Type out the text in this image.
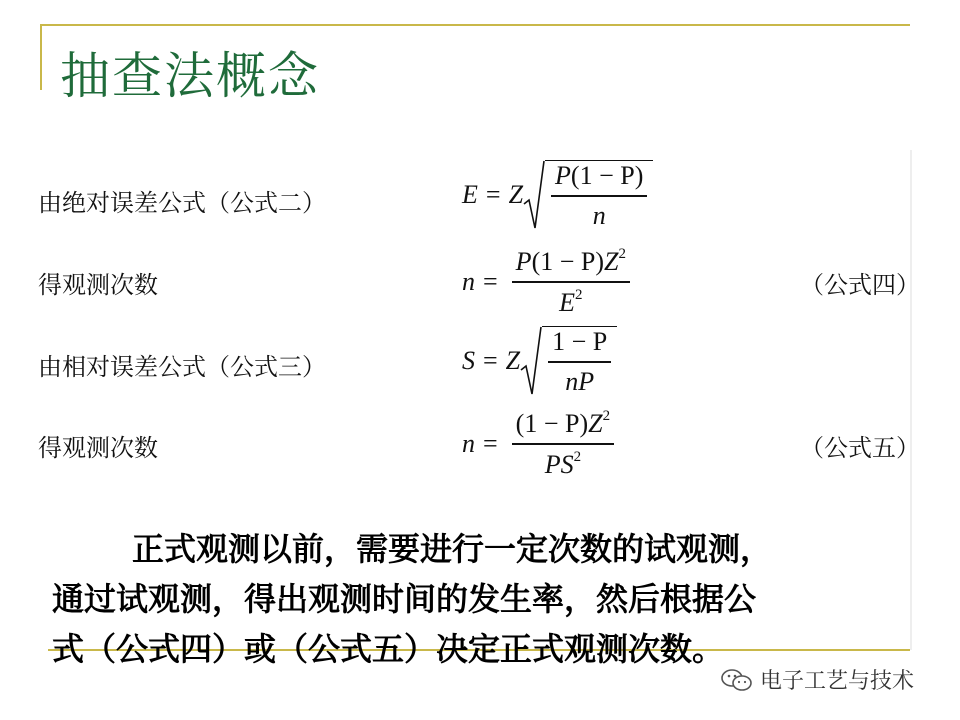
抽查法概念
由绝对误差公式（公式二）	E = Z $\frac{P(1 - P)}{n}$
得观测次数	$n = \frac{P(1 - P)Z^2}{E^2}$	（公式四）
由相对误差公式（公式三）	S = Z $\frac{1 - P}{nP}$
得观测次数	$n = \frac{(1 - P)Z^2}{PS^2}$	（公式五）
正式观测以前，需要进行一定次数的试观测，
通过试观测，得出观测时间的发生率，然后根据公
式（公式四）或（公式五）决定正式观测次数。
电子工艺与技术
